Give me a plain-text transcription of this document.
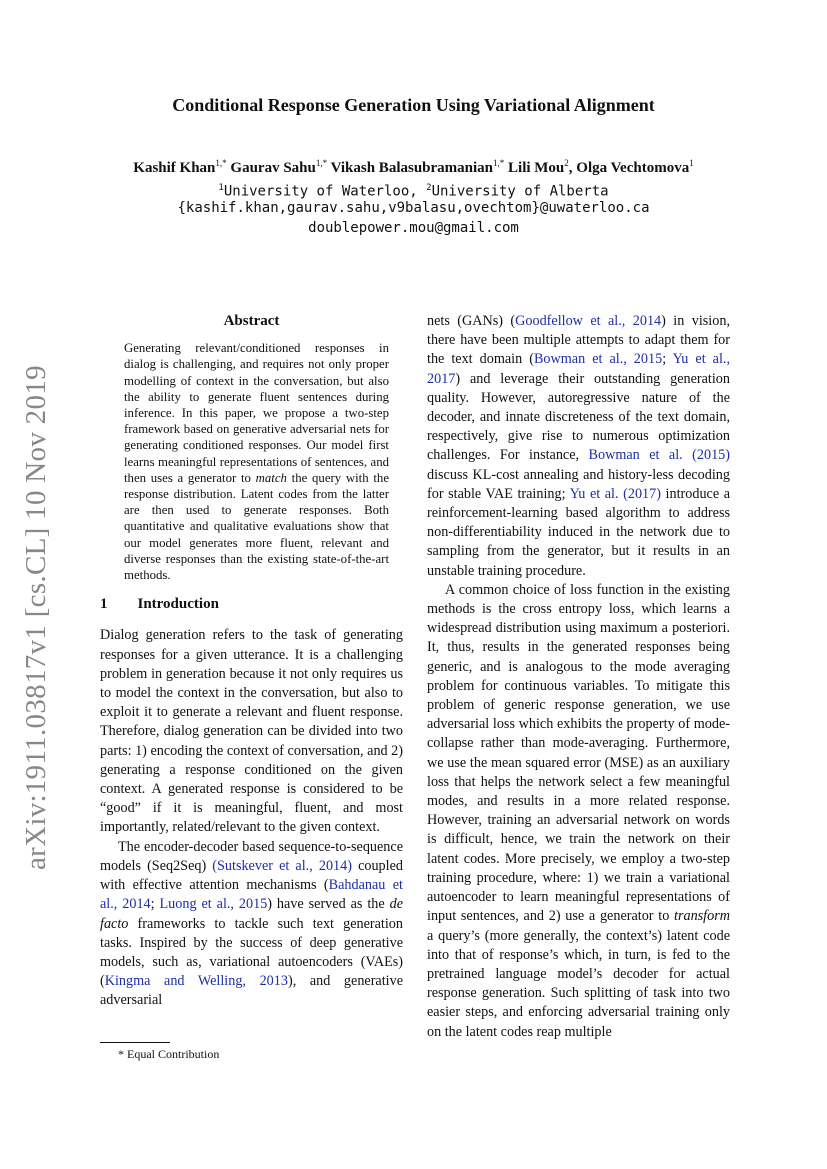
arXiv:1911.03817v1 [cs.CL] 10 Nov 2019
Conditional Response Generation Using Variational Alignment
Kashif Khan$^{1,*}$ Gaurav Sahu$^{1,*}$ Vikash Balasubramanian$^{1,*}$ Lili Mou$^2$, Olga Vechtomova$^1$
$^1$University of Waterloo, $^2$University of Alberta
{kashif.khan,gaurav.sahu,v9balasu,ovechtom}@uwaterloo.ca
doublepower.mou@gmail.com
Abstract
Generating relevant/conditioned responses in dialog is challenging, and requires not only proper modelling of context in the conversation, but also the ability to generate fluent sentences during inference. In this paper, we propose a two-step framework based on generative adversarial nets for generating conditioned responses. Our model first learns meaningful representations of sentences, and then uses a generator to match the query with the response distribution. Latent codes from the latter are then used to generate responses. Both quantitative and qualitative evaluations show that our model generates more fluent, relevant and diverse responses than the existing state-of-the-art methods.
1  Introduction

Dialog generation refers to the task of generating responses for a given utterance. It is a challenging problem in generation because it not only requires us to model the context in the conversation, but also to exploit it to generate a relevant and fluent response. Therefore, dialog generation can be divided into two parts: 1) encoding the context of conversation, and 2) generating a response conditioned on the given context. A generated response is considered to be “good” if it is meaningful, fluent, and most importantly, related/relevant to the given context.

The encoder-decoder based sequence-to-sequence models (Seq2Seq) (Sutskever et al., 2014) coupled with effective attention mechanisms (Bahdanau et al., 2014; Luong et al., 2015) have served as the de facto frameworks to tackle such text generation tasks. Inspired by the success of deep generative models, such as, variational autoencoders (VAEs) (Kingma and Welling, 2013), and generative adversarial

* Equal Contribution

nets (GANs) (Goodfellow et al., 2014) in vision, there have been multiple attempts to adapt them for the text domain (Bowman et al., 2015; Yu et al., 2017) and leverage their outstanding generation quality. However, autoregressive nature of the decoder, and innate discreteness of the text domain, respectively, give rise to numerous optimization challenges. For instance, Bowman et al. (2015) discuss KL-cost annealing and history-less decoding for stable VAE training; Yu et al. (2017) introduce a reinforcement-learning based algorithm to address non-differentiability induced in the network due to sampling from the generator, but it results in an unstable training procedure.

A common choice of loss function in the existing methods is the cross entropy loss, which learns a widespread distribution using maximum a posteriori. It, thus, results in the generated responses being generic, and is analogous to the mode averaging problem for continuous variables. To mitigate this problem of generic response generation, we use adversarial loss which exhibits the property of mode-collapse rather than mode-averaging. Furthermore, we use the mean squared error (MSE) as an auxiliary loss that helps the network select a few meaningful modes, and results in a more related response. However, training an adversarial network on words is difficult, hence, we train the network on their latent codes. More precisely, we employ a two-step training procedure, where: 1) we train a variational autoencoder to learn meaningful representations of input sentences, and 2) use a generator to transform a query’s (more generally, the context’s) latent code into that of response’s which, in turn, is fed to the pretrained language model’s decoder for actual response generation. Such splitting of task into two easier steps, and enforcing adversarial training only on the latent codes reap multiple
